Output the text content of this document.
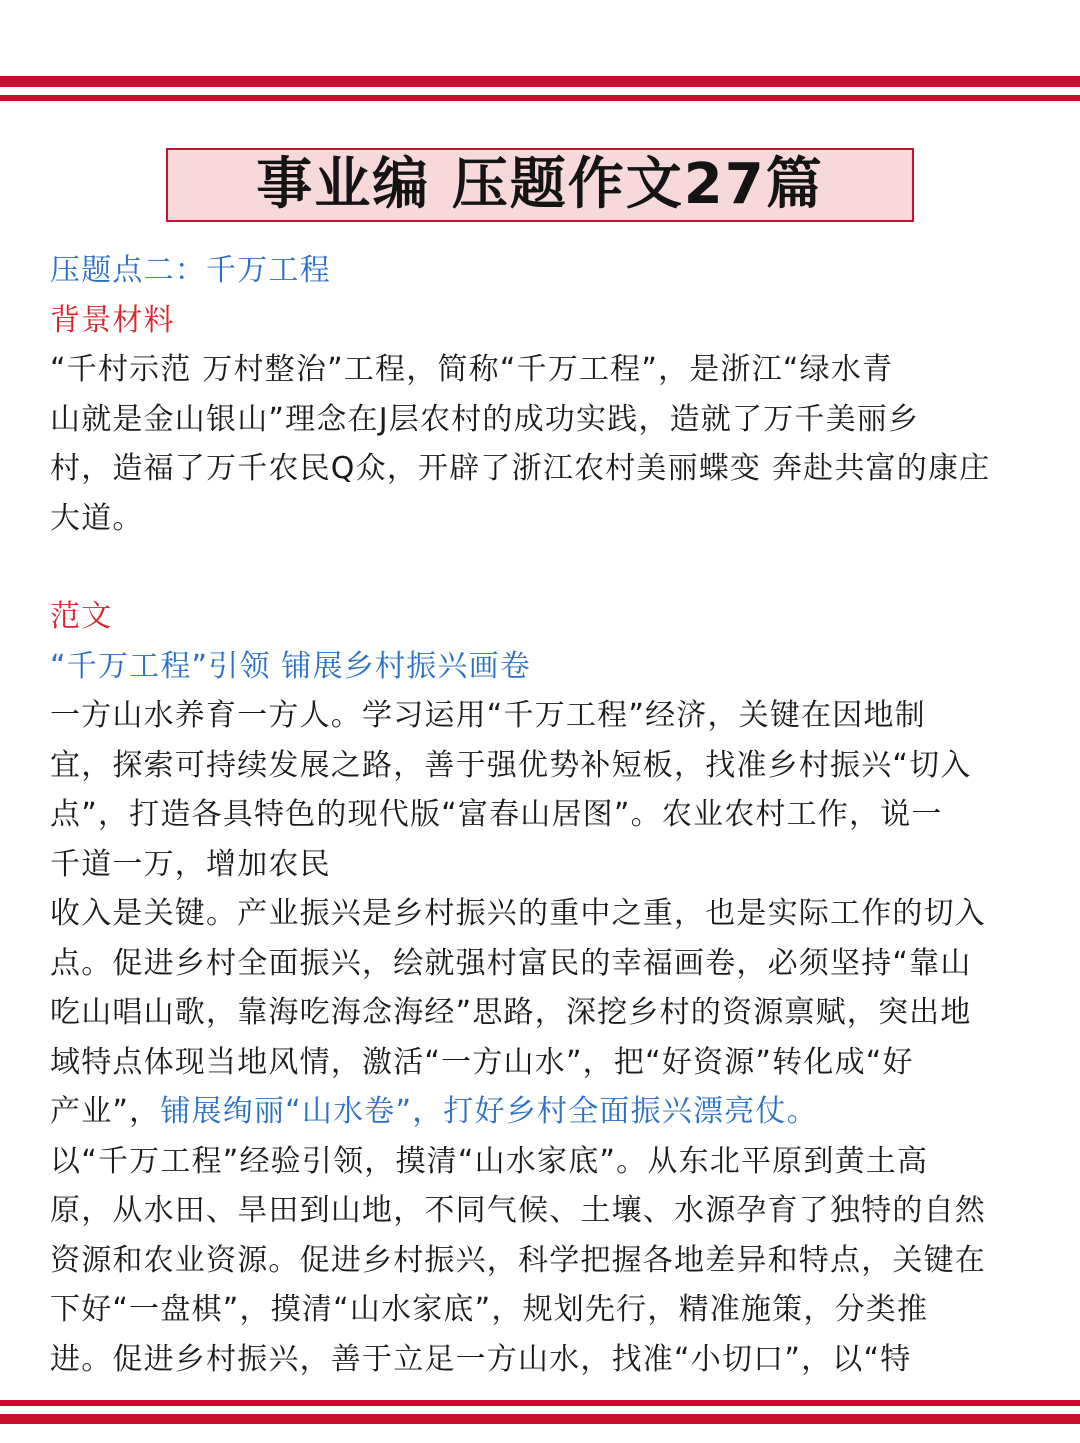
事业编 压题作文27篇
压题点二：千万工程
背景材料
“千村示范 万村整治”工程，简称“千万工程”，是浙江“绿水青
山就是金山银山”理念在J层农村的成功实践，造就了万千美丽乡
村，造福了万千农民Q众，开辟了浙江农村美丽蝶变 奔赴共富的康庄
大道。
范文
“千万工程”引领 铺展乡村振兴画卷
一方山水养育一方人。学习运用“千万工程”经济，关键在因地制
宜，探索可持续发展之路，善于强优势补短板，找准乡村振兴“切入
点”，打造各具特色的现代版“富春山居图”。农业农村工作，说一
千道一万，增加农民
收入是关键。产业振兴是乡村振兴的重中之重，也是实际工作的切入
点。促进乡村全面振兴，绘就强村富民的幸福画卷，必须坚持“靠山
吃山唱山歌，靠海吃海念海经”思路，深挖乡村的资源禀赋，突出地
域特点体现当地风情，激活“一方山水”，把“好资源”转化成“好
产业”，铺展绚丽“山水卷”，打好乡村全面振兴漂亮仗。
以“千万工程”经验引领，摸清“山水家底”。从东北平原到黄土高
原，从水田、旱田到山地，不同气候、土壤、水源孕育了独特的自然
资源和农业资源。促进乡村振兴，科学把握各地差异和特点，关键在
下好“一盘棋”，摸清“山水家底”，规划先行，精准施策，分类推
进。促进乡村振兴，善于立足一方山水，找准“小切口”，以“特
